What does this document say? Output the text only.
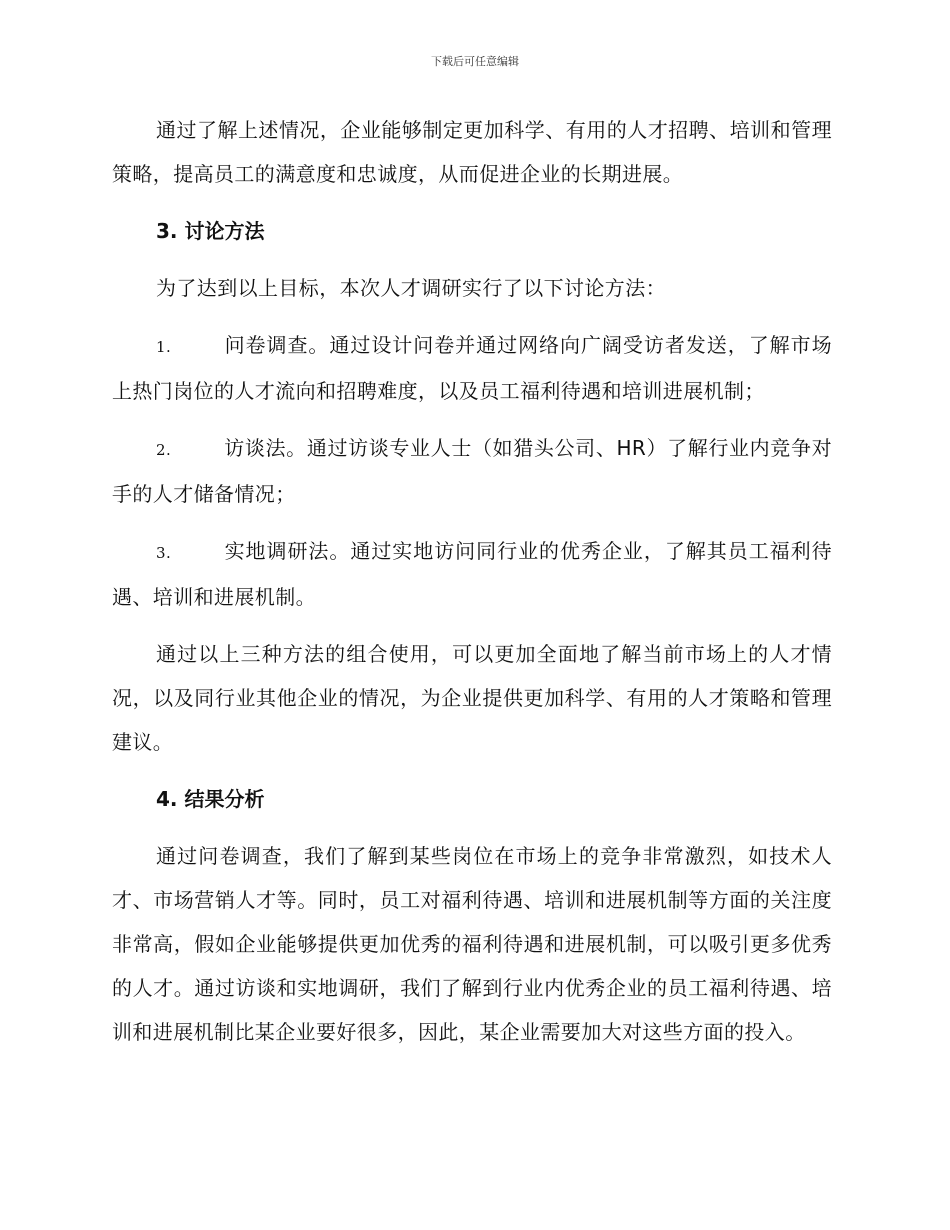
下载后可任意编辑

通过了解上述情况，企业能够制定更加科学、有用的人才招聘、培训和管理策略，提高员工的满意度和忠诚度，从而促进企业的长期进展。

3. 讨论方法

为了达到以上目标，本次人才调研实行了以下讨论方法：

1.	问卷调查。通过设计问卷并通过网络向广阔受访者发送，了解市场上热门岗位的人才流向和招聘难度，以及员工福利待遇和培训进展机制；

2.	访谈法。通过访谈专业人士（如猎头公司、HR）了解行业内竞争对手的人才储备情况；

3.	实地调研法。通过实地访问同行业的优秀企业，了解其员工福利待遇、培训和进展机制。

通过以上三种方法的组合使用，可以更加全面地了解当前市场上的人才情况，以及同行业其他企业的情况，为企业提供更加科学、有用的人才策略和管理建议。

4. 结果分析

通过问卷调查，我们了解到某些岗位在市场上的竞争非常激烈，如技术人才、市场营销人才等。同时，员工对福利待遇、培训和进展机制等方面的关注度非常高，假如企业能够提供更加优秀的福利待遇和进展机制，可以吸引更多优秀的人才。通过访谈和实地调研，我们了解到行业内优秀企业的员工福利待遇、培训和进展机制比某企业要好很多，因此，某企业需要加大对这些方面的投入。
